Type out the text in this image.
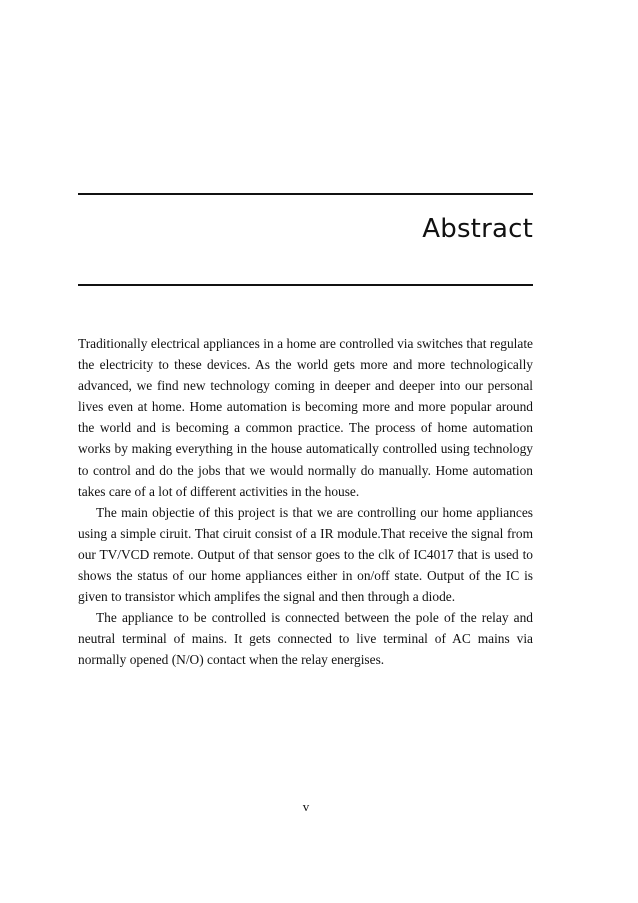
Abstract

Traditionally electrical appliances in a home are controlled via switches that regulate the electricity to these devices. As the world gets more and more technologically advanced, we find new technology coming in deeper and deeper into our personal lives even at home. Home automation is becoming more and more popular around the world and is becoming a common practice. The process of home automation works by making everything in the house automatically controlled using technology to control and do the jobs that we would normally do manually. Home automation takes care of a lot of different activities in the house.

The main objectie of this project is that we are controlling our home appliances using a simple ciruit. That ciruit consist of a IR module.That receive the signal from our TV/VCD remote. Output of that sensor goes to the clk of IC4017 that is used to shows the status of our home appliances either in on/off state. Output of the IC is given to transistor which amplifes the signal and then through a diode.

The appliance to be controlled is connected between the pole of the relay and neutral terminal of mains. It gets connected to live terminal of AC mains via normally opened (N/O) contact when the relay energises.

v
